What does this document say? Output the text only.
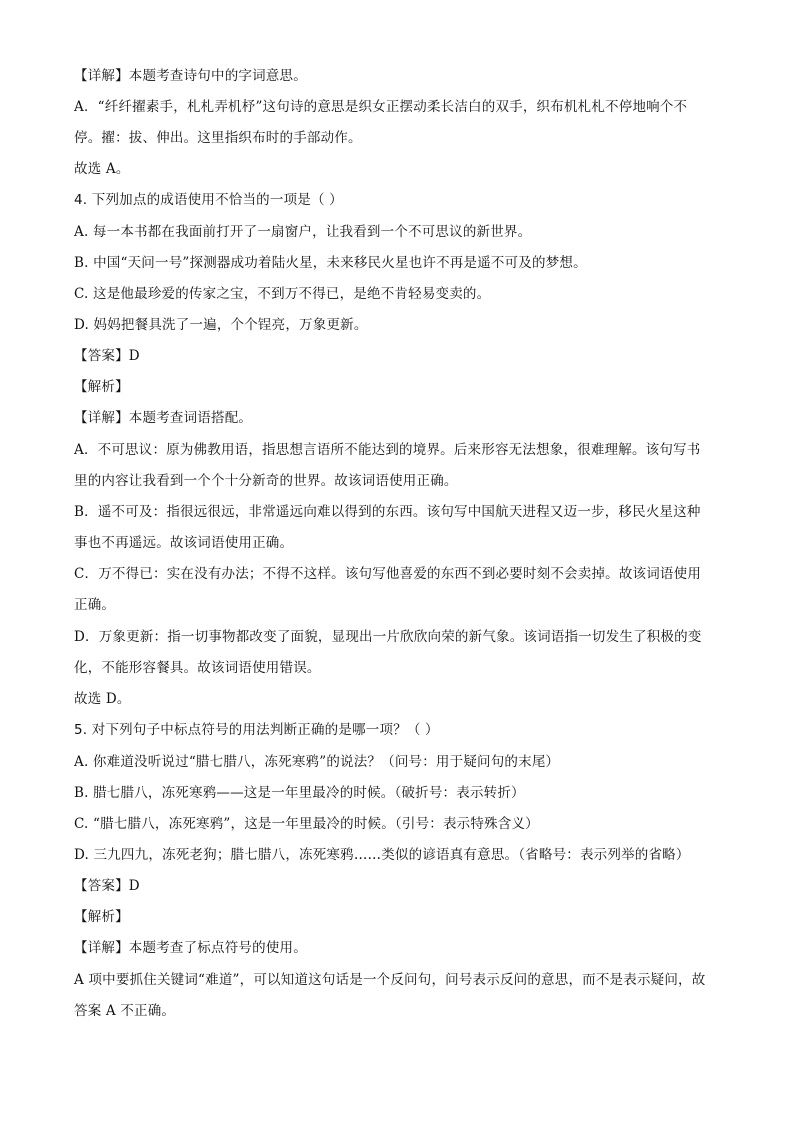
【详解】本题考查诗句中的字词意思。
A．“纤纤擢素手，札札弄机杼”这句诗的意思是织女正摆动柔长洁白的双手，织布机札札不停地响个不
停。擢：拔、伸出。这里指织布时的手部动作。
故选 A。
4. 下列加点的成语使用不恰当的一项是（ ）
A. 每一本书都在我面前打开了一扇窗户，让我看到一个不可思议的新世界。
B. 中国“天问一号”探测器成功着陆火星，未来移民火星也许不再是遥不可及的梦想。
C. 这是他最珍爱的传家之宝，不到万不得已，是绝不肯轻易变卖的。
D. 妈妈把餐具洗了一遍，个个锃亮，万象更新。
【答案】D
【解析】
【详解】本题考查词语搭配。
A．不可思议：原为佛教用语，指思想言语所不能达到的境界。后来形容无法想象，很难理解。该句写书
里的内容让我看到一个个十分新奇的世界。故该词语使用正确。
B．遥不可及：指很远很远，非常遥远向难以得到的东西。该句写中国航天进程又迈一步，移民火星这种
事也不再遥远。故该词语使用正确。
C．万不得已：实在没有办法；不得不这样。该句写他喜爱的东西不到必要时刻不会卖掉。故该词语使用
正确。
D．万象更新：指一切事物都改变了面貌，显现出一片欣欣向荣的新气象。该词语指一切发生了积极的变
化，不能形容餐具。故该词语使用错误。
故选 D。
5. 对下列句子中标点符号的用法判断正确的是哪一项？（ ）
A. 你难道没听说过“腊七腊八，冻死寒鸦”的说法？（问号：用于疑问句的末尾）
B. 腊七腊八，冻死寒鸦——这是一年里最冷的时候。（破折号：表示转折）
C. “腊七腊八，冻死寒鸦”，这是一年里最冷的时候。（引号：表示特殊含义）
D. 三九四九，冻死老狗；腊七腊八，冻死寒鸦……类似的谚语真有意思。（省略号：表示列举的省略）
【答案】D
【解析】
【详解】本题考查了标点符号的使用。
A 项中要抓住关键词“难道”，可以知道这句话是一个反问句，问号表示反问的意思，而不是表示疑问，故
答案 A 不正确。
